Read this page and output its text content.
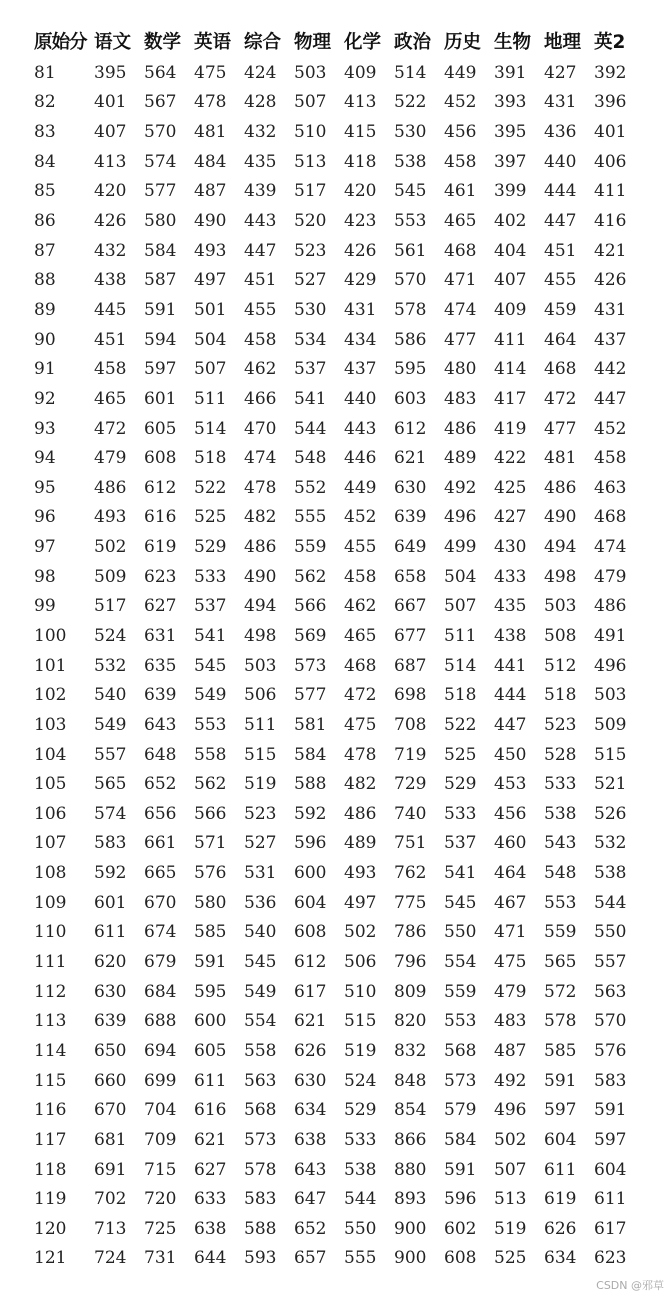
原始分 语文 数学 英语 综合 物理 化学 政治 历史 生物 地理 英2
81	395	564	475	424	503	409	514	449	391	427	392
82	401	567	478	428	507	413	522	452	393	431	396
83	407	570	481	432	510	415	530	456	395	436	401
84	413	574	484	435	513	418	538	458	397	440	406
85	420	577	487	439	517	420	545	461	399	444	411
86	426	580	490	443	520	423	553	465	402	447	416
87	432	584	493	447	523	426	561	468	404	451	421
88	438	587	497	451	527	429	570	471	407	455	426
89	445	591	501	455	530	431	578	474	409	459	431
90	451	594	504	458	534	434	586	477	411	464	437
91	458	597	507	462	537	437	595	480	414	468	442
92	465	601	511	466	541	440	603	483	417	472	447
93	472	605	514	470	544	443	612	486	419	477	452
94	479	608	518	474	548	446	621	489	422	481	458
95	486	612	522	478	552	449	630	492	425	486	463
96	493	616	525	482	555	452	639	496	427	490	468
97	502	619	529	486	559	455	649	499	430	494	474
98	509	623	533	490	562	458	658	504	433	498	479
99	517	627	537	494	566	462	667	507	435	503	486
100	524	631	541	498	569	465	677	511	438	508	491
101	532	635	545	503	573	468	687	514	441	512	496
102	540	639	549	506	577	472	698	518	444	518	503
103	549	643	553	511	581	475	708	522	447	523	509
104	557	648	558	515	584	478	719	525	450	528	515
105	565	652	562	519	588	482	729	529	453	533	521
106	574	656	566	523	592	486	740	533	456	538	526
107	583	661	571	527	596	489	751	537	460	543	532
108	592	665	576	531	600	493	762	541	464	548	538
109	601	670	580	536	604	497	775	545	467	553	544
110	611	674	585	540	608	502	786	550	471	559	550
111	620	679	591	545	612	506	796	554	475	565	557
112	630	684	595	549	617	510	809	559	479	572	563
113	639	688	600	554	621	515	820	553	483	578	570
114	650	694	605	558	626	519	832	568	487	585	576
115	660	699	611	563	630	524	848	573	492	591	583
116	670	704	616	568	634	529	854	579	496	597	591
117	681	709	621	573	638	533	866	584	502	604	597
118	691	715	627	578	643	538	880	591	507	611	604
119	702	720	633	583	647	544	893	596	513	619	611
120	713	725	638	588	652	550	900	602	519	626	617
121	724	731	644	593	657	555	900	608	525	634	623
CSDN @邪草
